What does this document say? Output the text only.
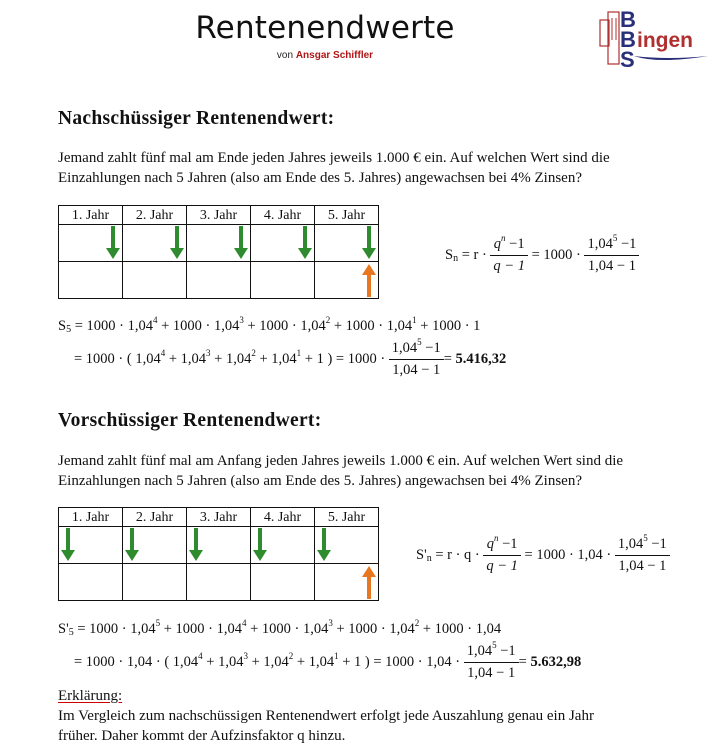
Rentenendwerte
von Ansgar Schiffler
B
B
S
ingen
Nachschüssiger Rentenendwert:
Jemand zahlt fünf mal am Ende jeden Jahres jeweils 1.000 € ein. Auf welchen Wert sind die
Einzahlungen nach 5 Jahren (also am Ende des 5. Jahres) angewachsen bei 4% Zinsen?
1. Jahr	2. Jahr	3. Jahr	4. Jahr	5. Jahr

$S_n = r \cdot \frac{q^n -1}{q - 1} = 1000 \cdot \frac{1,04^5 -1}{1,04 - 1}$
$S_5 = 1000 \cdot 1,04^4 + 1000 \cdot 1,04^3 + 1000 \cdot 1,04^2 + 1000 \cdot 1,04^1 + 1000 \cdot 1$
= 1000 · ( $1,04^4 + 1,04^3 + 1,04^2 + 1,04^1 + 1$ ) = $1000 \cdot \frac{1,04^5 -1}{1,04 - 1} = 5.416,32$
Vorschüssiger Rentenendwert:
Jemand zahlt fünf mal am Anfang jeden Jahres jeweils 1.000 € ein. Auf welchen Wert sind die
Einzahlungen nach 5 Jahren (also am Ende des 5. Jahres) angewachsen bei 4% Zinsen?
1. Jahr	2. Jahr	3. Jahr	4. Jahr	5. Jahr

$S'_n = r \cdot q \cdot \frac{q^n -1}{q - 1} = 1000 \cdot 1,04 \cdot \frac{1,04^5 -1}{1,04 - 1}$
$S'_5 = 1000 \cdot 1,04^5 + 1000 \cdot 1,04^4 + 1000 \cdot 1,04^3 + 1000 \cdot 1,04^2 + 1000 \cdot 1,04$
= 1000 · 1,04 · ( $1,04^4 + 1,04^3 + 1,04^2 + 1,04^1 + 1$ ) = $1000 \cdot 1,04 \cdot \frac{1,04^5 -1}{1,04 - 1} = 5.632,98$
Erklärung:
Im Vergleich zum nachschüssigen Rentenendwert erfolgt jede Auszahlung genau ein Jahr
früher. Daher kommt der Aufzinsfaktor q hinzu.
